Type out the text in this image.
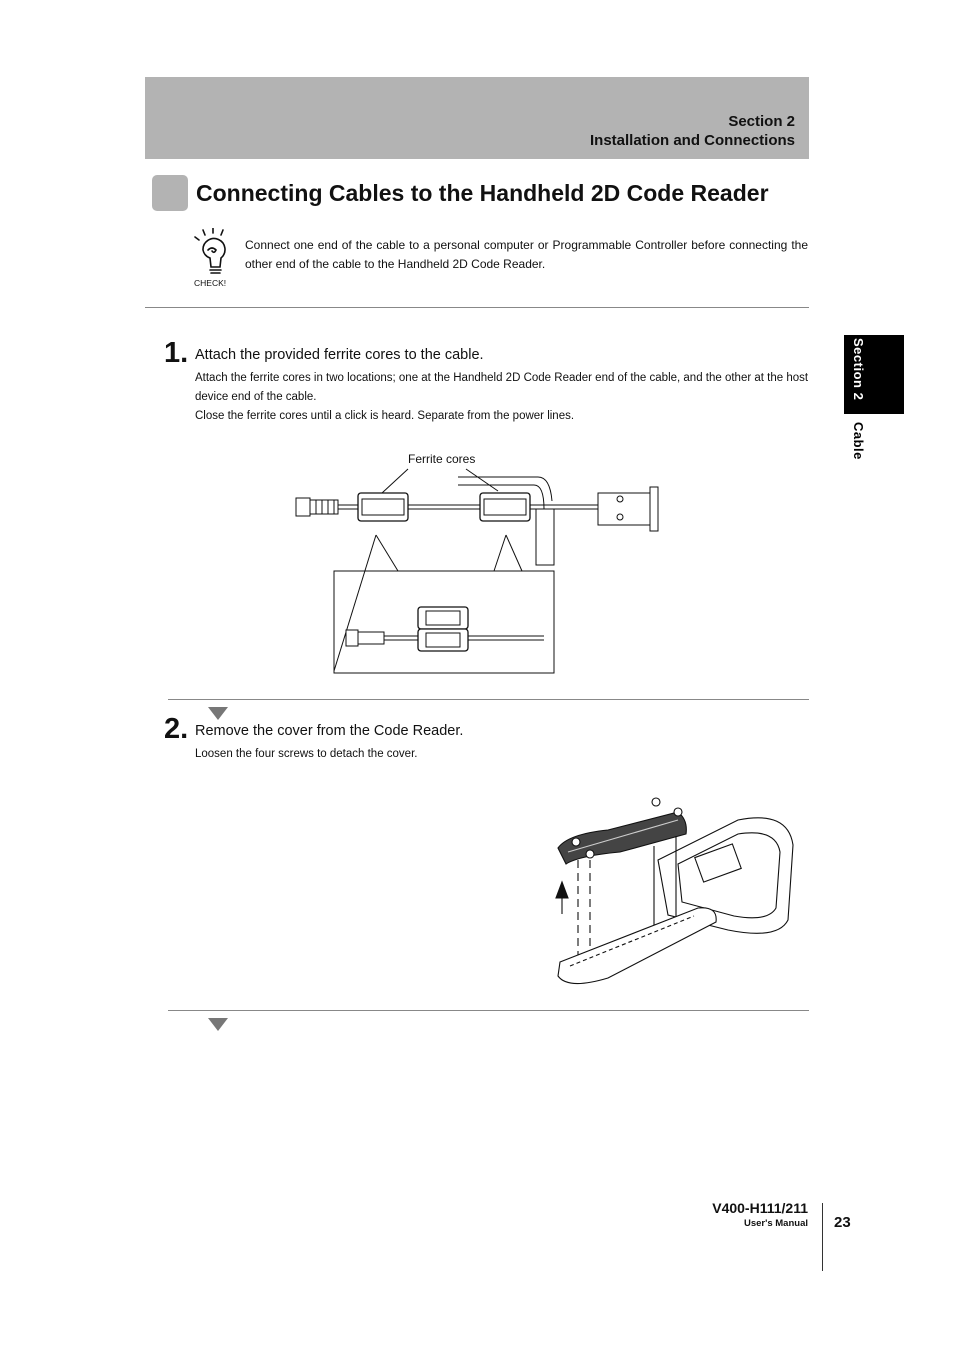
Section 2
Installation and Connections
Connecting Cables to the Handheld 2D Code Reader
CHECK!
Connect one end of the cable to a personal computer or Programmable Controller before connecting the other end of the cable to the Handheld 2D Code Reader.
1. Attach the provided ferrite cores to the cable.
Attach the ferrite cores in two locations; one at the Handheld 2D Code Reader end of the cable, and the other at the host device end of the cable.
Close the ferrite cores until a click is heard. Separate from the power lines.
Ferrite cores
2. Remove the cover from the Code Reader.
Loosen the four screws to detach the cover.
Section 2
Cable
V400-H111/211
User's Manual 23
